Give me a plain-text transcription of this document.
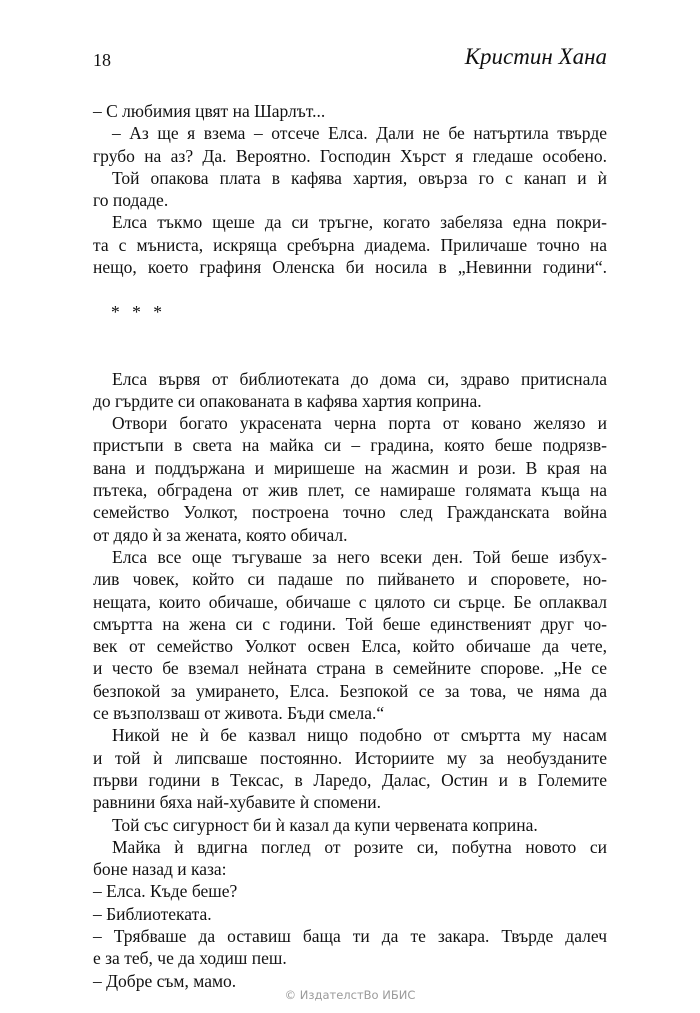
18	Кристин Хана

– С любимия цвят на Шарлът...

– Аз ще я взема – отсече Елса. Дали не бе натъртила твърде

грубо на аз? Да. Вероятно. Господин Хърст я гледаше особено.

Той опакова плата в кафява хартия, овърза го с канап и ѝ

го подаде.

Елса тъкмо щеше да си тръгне, когато забеляза една покри-

та с мъниста, искряща сребърна диадема. Приличаше точно на

нещо, което графиня Оленска би носила в „Невинни години“.

* * *

Елса вървя от библиотеката до дома си, здраво притиснала

до гърдите си опакованата в кафява хартия коприна.

Отвори богато украсената черна порта от ковано желязо и

пристъпи в света на майка си – градина, която беше подрязв-

вана и поддържана и миришеше на жасмин и рози. В края на

пътека, обградена от жив плет, се намираше голямата къща на

семейство Уолкот, построена точно след Гражданската война

от дядо ѝ за жената, която обичал.

Елса все още тъгуваше за него всеки ден. Той беше избух-

лив човек, който си падаше по пийването и споровете, но-

нещата, които обичаше, обичаше с цялото си сърце. Бе оплаквал

смъртта на жена си с години. Той беше единственият друг чо-

век от семейство Уолкот освен Елса, който обичаше да чете,

и често бе вземал нейната страна в семейните спорове. „Не се

безпокой за умирането, Елса. Безпокой се за това, че няма да

се възползваш от живота. Бъди смела.“

Никой не ѝ бе казвал нищо подобно от смъртта му насам

и той ѝ липсваше постоянно. Историите му за необузданите

първи години в Тексас, в Ларедо, Далас, Остин и в Големите

равнини бяха най-хубавите ѝ спомени.

Той със сигурност би ѝ казал да купи червената коприна.

Майка ѝ вдигна поглед от розите си, побутна новото си

боне назад и каза:

– Елса. Къде беше?

– Библиотеката.

– Трябваше да оставиш баща ти да те закара. Твърде далеч

е за теб, че да ходиш пеш.

– Добре съм, мамо.

© ИздателстВо ИБИС
